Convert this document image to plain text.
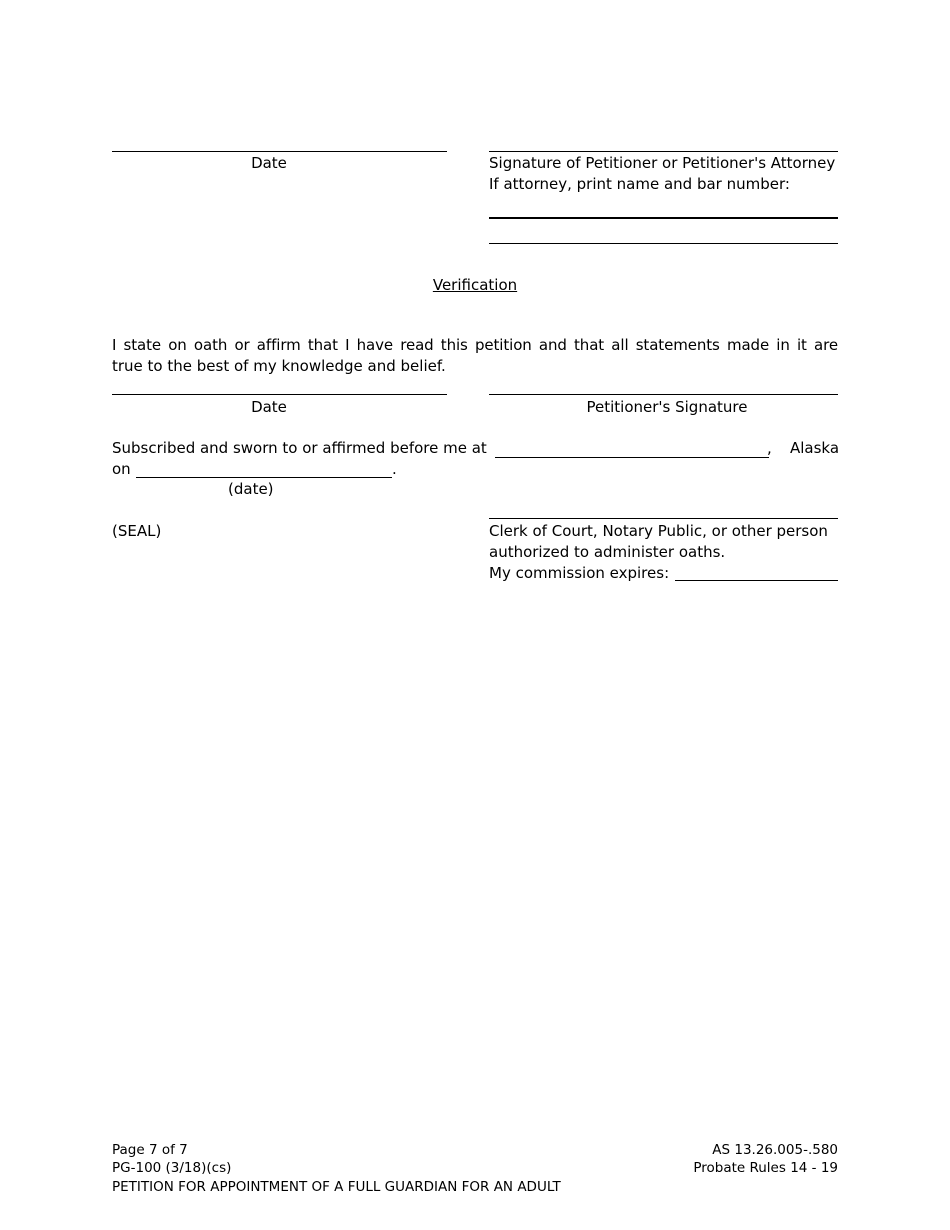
Date	Signature of Petitioner or Petitioner's Attorney
If attorney, print name and bar number:
Verification
I state on oath or affirm that I have read this petition and that all statements made in it are
true to the best of my knowledge and belief.
Date	Petitioner's Signature
Subscribed and sworn to or affirmed before me at	, Alaska
on	.
(date)
(SEAL)	Clerk of Court, Notary Public, or other person
authorized to administer oaths.
My commission expires:
Page 7 of 7
PG-100 (3/18)(cs)
PETITION FOR APPOINTMENT OF A FULL GUARDIAN FOR AN ADULT
AS 13.26.005-.580
Probate Rules 14 - 19
